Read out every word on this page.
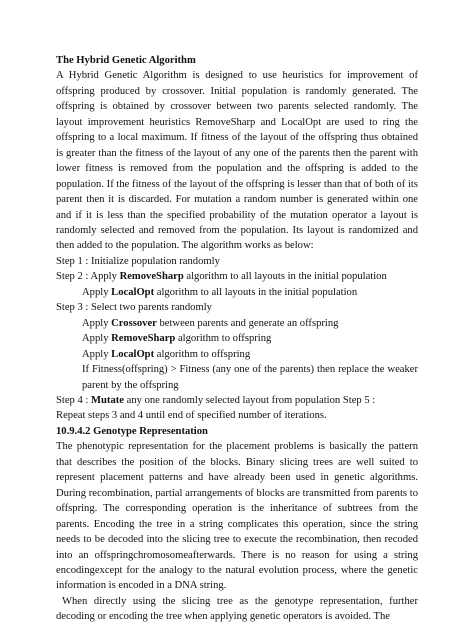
The Hybrid Genetic Algorithm

A Hybrid Genetic Algorithm is designed to use heuristics for improvement of offspring produced by crossover. Initial population is randomly generated. The offspring is obtained by crossover between two parents selected randomly. The layout improvement heuristics RemoveSharp and LocalOpt are used to ring the offspring to a local maximum. If fitness of the layout of the offspring thus obtained is greater than the fitness of the layout of any one of the parents then the parent with lower fitness is removed from the population and the offspring is added to the population. If the fitness of the layout of the offspring is lesser than that of both of its parent then it is discarded. For mutation a random number is generated within one and if it is less than the specified probability of the mutation operator a layout is randomly selected and removed from the population. Its layout is randomized and then added to the population. The algorithm works as below:

Step 1 : Initialize population randomly

Step 2 : Apply RemoveSharp algorithm to all layouts in the initial population

Apply LocalOpt algorithm to all layouts in the initial population

Step 3 : Select two parents randomly

Apply Crossover between parents and generate an offspring

Apply RemoveSharp algorithm to offspring

Apply LocalOpt algorithm to offspring

If Fitness(offspring) > Fitness (any one of the parents) then replace the weaker parent by the offspring

Step 4 : Mutate any one randomly selected layout from population Step 5 :

Repeat steps 3 and 4 until end of specified number of iterations.

10.9.4.2 Genotype Representation

The phenotypic representation for the placement problems is basically the pattern that describes the position of the blocks. Binary slicing trees are well suited to represent placement patterns and have already been used in genetic algorithms. During recombination, partial arrangements of blocks are transmitted from parents to offspring. The corresponding operation is the inheritance of subtrees from the parents. Encoding the tree in a string complicates this operation, since the string needs to be decoded into the slicing tree to execute the recombination, then recoded into an offspringchromosomeafterwards. There is no reason for using a string encodingexcept for the analogy to the natural evolution process, where the genetic information is encoded in a DNA string.

When directly using the slicing tree as the genotype representation, further decoding or encoding the tree when applying genetic operators is avoided. The
